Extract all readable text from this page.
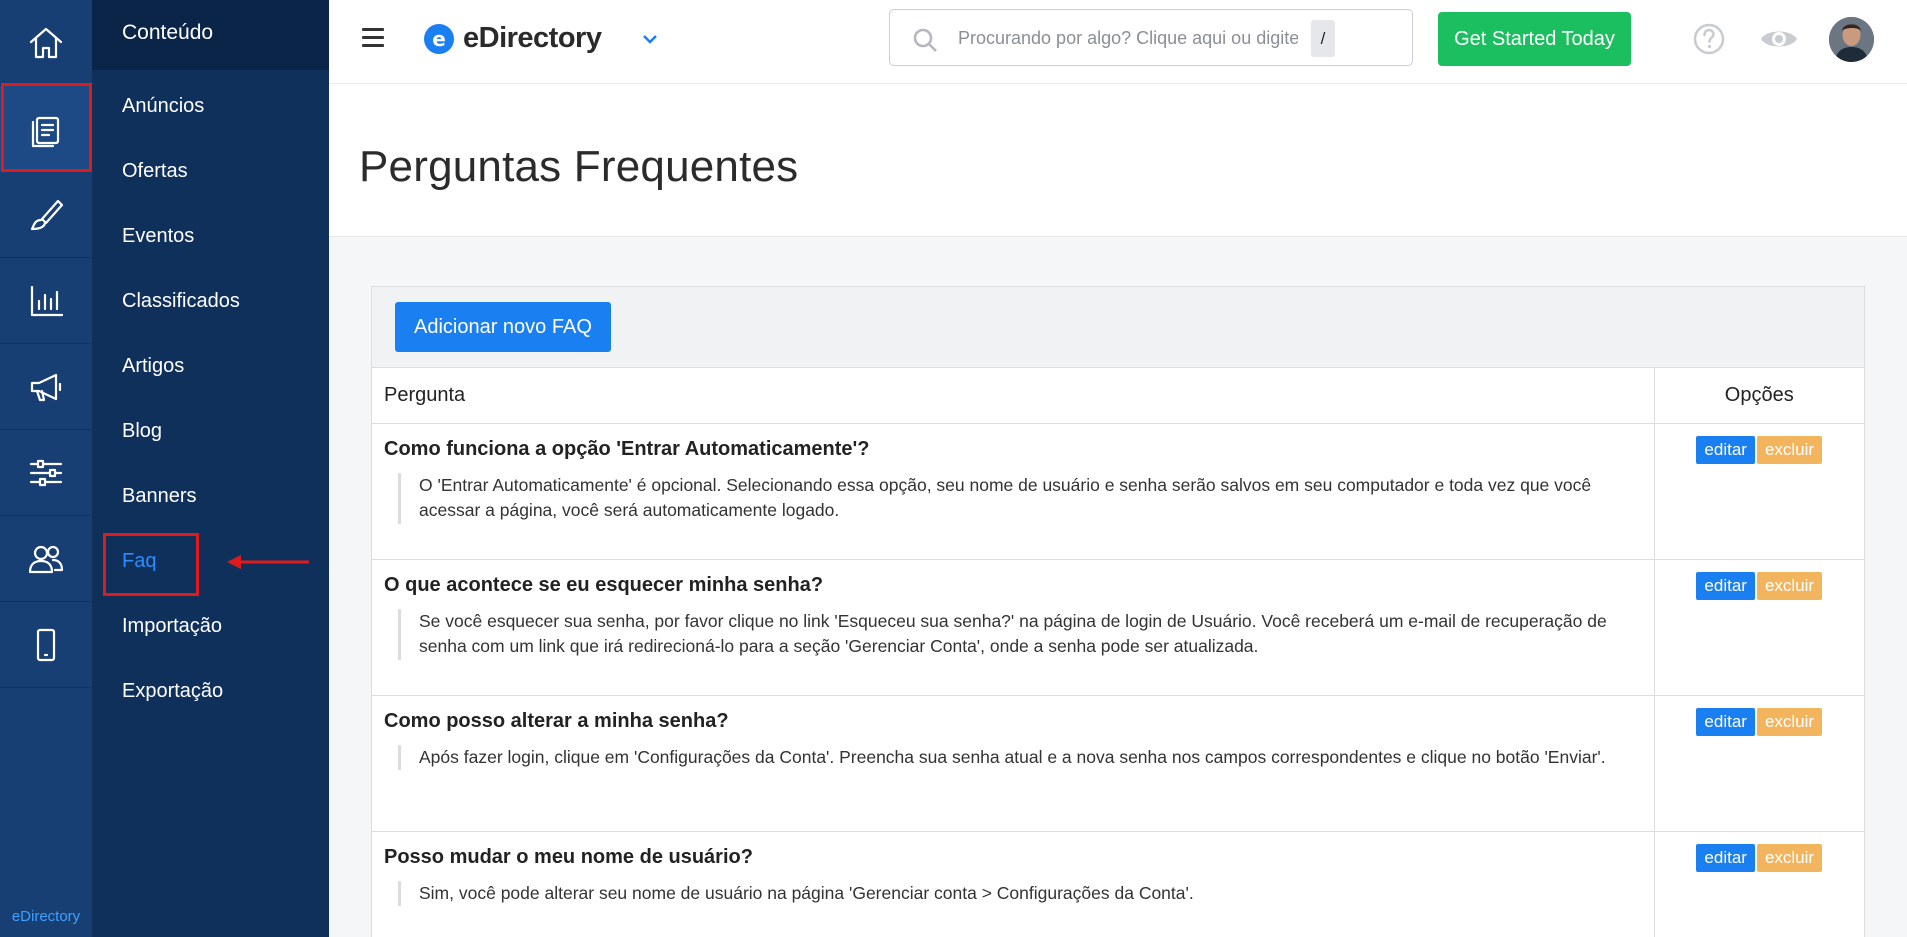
eDirectory
Conteúdo
Anúncios
Ofertas
Eventos
Classificados
Artigos
Blog
Banners
Faq
Importação
Exportação
e eDirectory
Procurando por algo? Clique aqui ou digite	/	Get Started Today
Perguntas Frequentes
Adicionar novo FAQ
Pergunta	Opções

Como funciona a opção 'Entrar Automaticamente'?
O 'Entrar Automaticamente' é opcional. Selecionando essa opção, seu nome de usuário e senha serão salvos em seu computador e toda vez que você acessar a página, você será automaticamente logado.	editar excluir

O que acontece se eu esquecer minha senha?
Se você esquecer sua senha, por favor clique no link 'Esqueceu sua senha?' na página de login de Usuário. Você receberá um e-mail de recuperação de senha com um link que irá redirecioná-lo para a seção 'Gerenciar Conta', onde a senha pode ser atualizada.	editar excluir

Como posso alterar a minha senha?
Após fazer login, clique em 'Configurações da Conta'. Preencha sua senha atual e a nova senha nos campos correspondentes e clique no botão 'Enviar'.	editar excluir

Posso mudar o meu nome de usuário?
Sim, você pode alterar seu nome de usuário na página 'Gerenciar conta > Configurações da Conta'.	editar excluir
